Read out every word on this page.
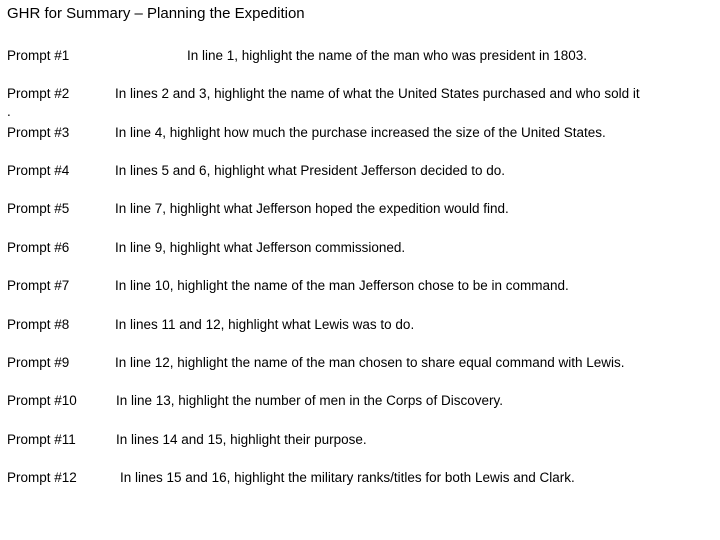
GHR for Summary – Planning the Expedition
Prompt #1	In line 1, highlight the name of the man who was president in 1803.
Prompt #2	In lines 2 and 3, highlight the name of what the United States purchased and who sold it
.
Prompt #3	In line 4, highlight how much the purchase increased the size of the United States.
Prompt #4	In lines 5 and 6, highlight what President Jefferson decided to do.
Prompt #5	In line 7, highlight what Jefferson hoped the expedition would find.
Prompt #6	In line 9, highlight what Jefferson commissioned.
Prompt #7	In line 10, highlight the name of the man Jefferson chose to be in command.
Prompt #8	In lines 11 and 12, highlight what Lewis was to do.
Prompt #9	In line 12, highlight the name of the man chosen to share equal command with Lewis.
Prompt #10	In line 13, highlight the number of men in the Corps of Discovery.
Prompt #11	In lines 14 and 15, highlight their purpose.
Prompt #12	In lines 15 and 16, highlight the military ranks/titles for both Lewis and Clark.
